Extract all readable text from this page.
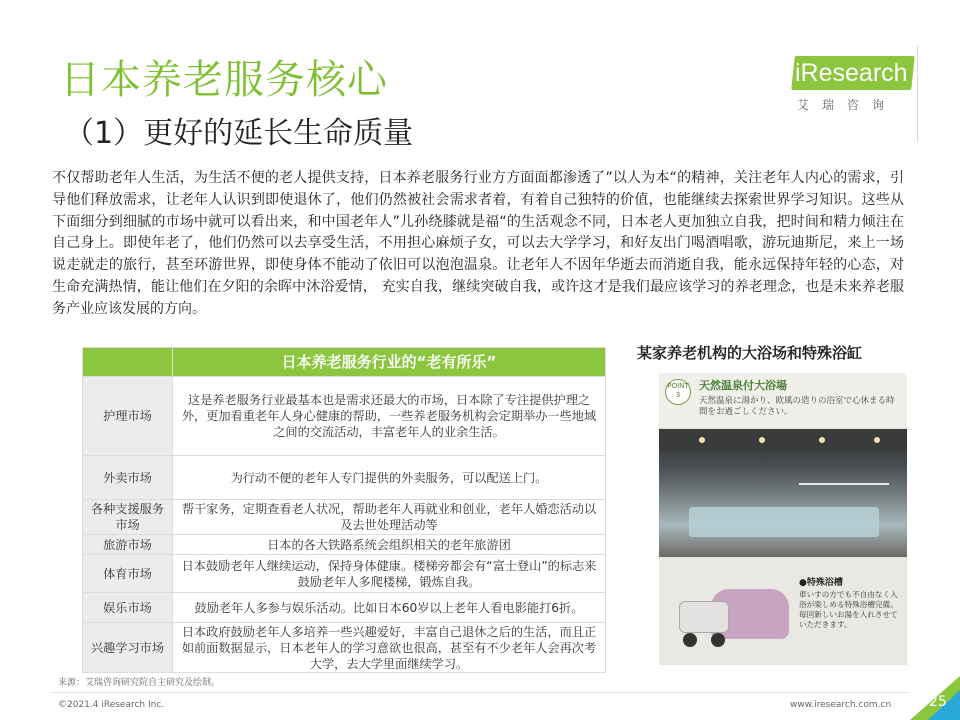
日本养老服务核心
（1）更好的延长生命质量
iResearch
艾瑞咨询
不仅帮助老年人生活，为生活不便的老人提供支持，日本养老服务行业方方面面都渗透了”以人为本“的精神，关注老年人内心的需求，引导他们释放需求，让老年人认识到即使退休了，他们仍然被社会需求者着，有着自己独特的价值，也能继续去探索世界学习知识。这些从下面细分到细腻的市场中就可以看出来，和中国老年人”儿孙绕膝就是福“的生活观念不同，日本老人更加独立自我，把时间和精力倾注在自己身上。即使年老了，他们仍然可以去享受生活，不用担心麻烦子女，可以去大学学习，和好友出门喝酒唱歌，游玩迪斯尼，来上一场说走就走的旅行，甚至环游世界，即使身体不能动了依旧可以泡泡温泉。让老年人不因年华逝去而消逝自我，能永远保持年轻的心态，对生命充满热情，能让他们在夕阳的余晖中沐浴爱情， 充实自我，继续突破自我，或许这才是我们最应该学习的养老理念，也是未来养老服务产业应该发展的方向。
	日本养老服务行业的“老有所乐”
护理市场	这是养老服务行业最基本也是需求还最大的市场，日本除了专注提供护理之外，更加看重老年人身心健康的帮助，一些养老服务机构会定期举办一些地域之间的交流活动，丰富老年人的业余生活。
外卖市场	为行动不便的老年人专门提供的外卖服务，可以配送上门。
各种支援服务市场	帮干家务，定期查看老人状况，帮助老年人再就业和创业，老年人婚恋活动以及去世处理活动等
旅游市场	日本的各大铁路系统会组织相关的老年旅游团
体育市场	日本鼓励老年人继续运动，保持身体健康。楼梯旁都会有“富士登山”的标志来鼓励老年人多爬楼梯，锻炼自我。
娱乐市场	鼓励老年人多参与娱乐活动。比如日本60岁以上老年人看电影能打6折。
兴趣学习市场	日本政府鼓励老年人多培养一些兴趣爱好，丰富自己退休之后的生活，而且正如前面数据显示，日本老年人的学习意欲也很高，甚至有不少老年人会再次考大学，去大学里面继续学习。
某家养老机构的大浴场和特殊浴缸
POINT 3
天然温泉付大浴場
天然温泉に湯かり、欧風の造りの浴室で心休まる時間をお過ごしください。
●特殊浴槽
車いすの方でも不自由なく入浴が楽しめる特殊浴槽完備。毎回新しいお湯を入れさせていただきます。
来源：艾瑞咨询研究院自主研究及绘制。
©2021.4 iResearch Inc.	www.iresearch.com.cn	25
